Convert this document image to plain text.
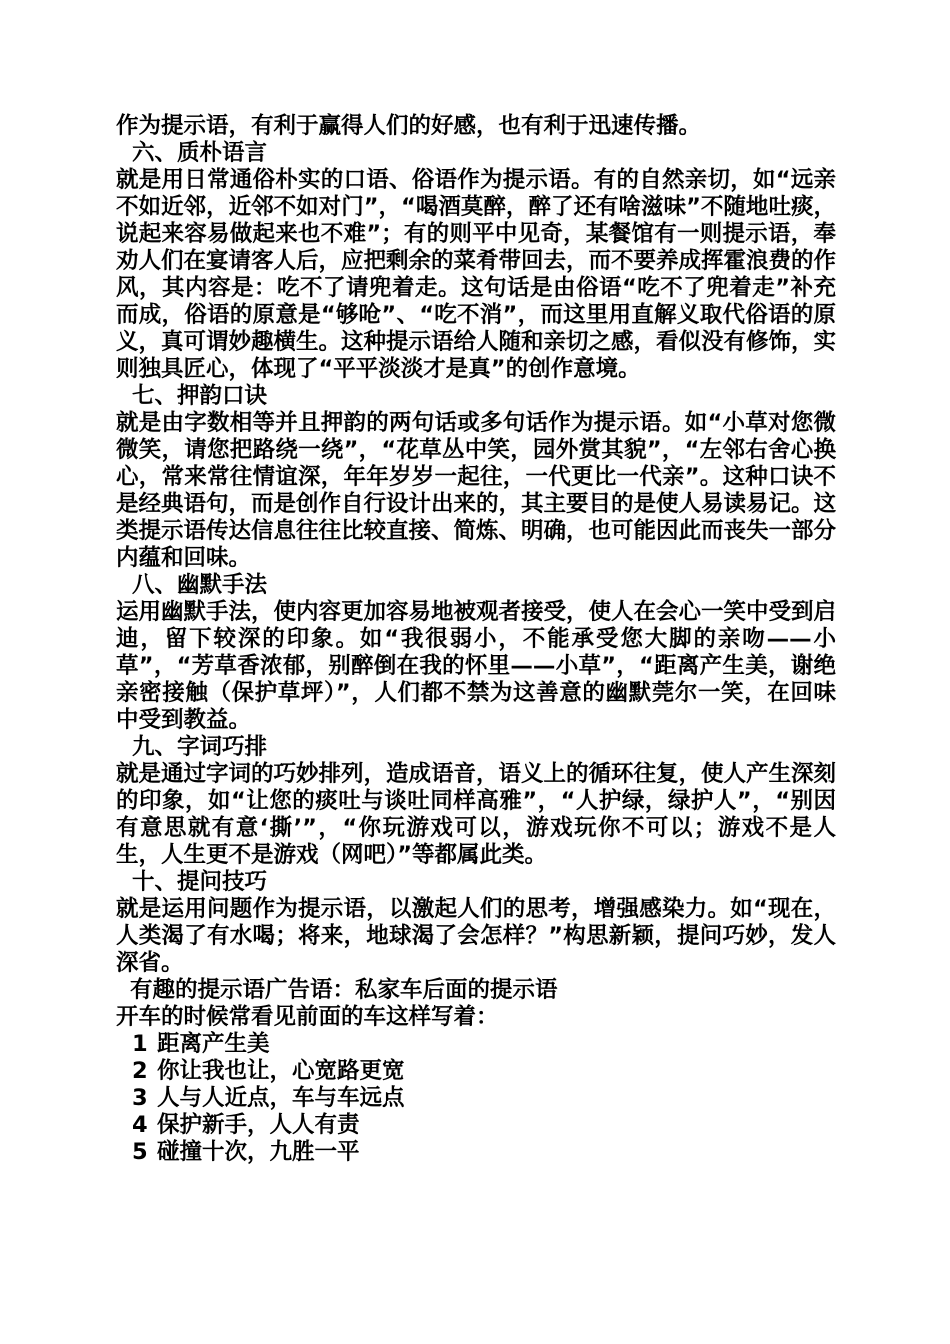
作为提示语，有利于赢得人们的好感，也有利于迅速传播。

六、质朴语言

就是用日常通俗朴实的口语、俗语作为提示语。有的自然亲切，如“远亲不如近邻，近邻不如对门”，“喝酒莫醉，醉了还有啥滋味”不随地吐痰，说起来容易做起来也不难”；有的则平中见奇，某餐馆有一则提示语，奉劝人们在宴请客人后，应把剩余的菜肴带回去，而不要养成挥霍浪费的作风，其内容是：吃不了请兜着走。这句话是由俗语“吃不了兜着走”补充而成，俗语的原意是“够呛”、“吃不消”，而这里用直解义取代俗语的原义，真可谓妙趣横生。这种提示语给人随和亲切之感，看似没有修饰，实则独具匠心，体现了“平平淡淡才是真”的创作意境。

七、押韵口诀

就是由字数相等并且押韵的两句话或多句话作为提示语。如“小草对您微微笑，请您把路绕一绕”，“花草丛中笑，园外赏其貌”，“左邻右舍心换心，常来常往情谊深，年年岁岁一起往，一代更比一代亲”。这种口诀不是经典语句，而是创作自行设计出来的，其主要目的是使人易读易记。这类提示语传达信息往往比较直接、简炼、明确，也可能因此而丧失一部分内蕴和回味。

八、幽默手法

运用幽默手法，使内容更加容易地被观者接受，使人在会心一笑中受到启迪，留下较深的印象。如“我很弱小，不能承受您大脚的亲吻——小草”，“芳草香浓郁，别醉倒在我的怀里——小草”，“距离产生美，谢绝亲密接触（保护草坪）”，人们都不禁为这善意的幽默莞尔一笑，在回味中受到教益。

九、字词巧排

就是通过字词的巧妙排列，造成语音，语义上的循环往复，使人产生深刻的印象，如“让您的痰吐与谈吐同样高雅”，“人护绿，绿护人”，“别因有意思就有意‘撕’”，“你玩游戏可以，游戏玩你不可以；游戏不是人生，人生更不是游戏（网吧）”等都属此类。

十、提问技巧

就是运用问题作为提示语，以激起人们的思考，增强感染力。如“现在，人类渴了有水喝；将来，地球渴了会怎样？”构思新颖，提问巧妙，发人深省。

有趣的提示语广告语：私家车后面的提示语

开车的时候常看见前面的车这样写着：

1 距离产生美
2 你让我也让，心宽路更宽
3 人与人近点，车与车远点
4 保护新手，人人有责
5 碰撞十次，九胜一平
